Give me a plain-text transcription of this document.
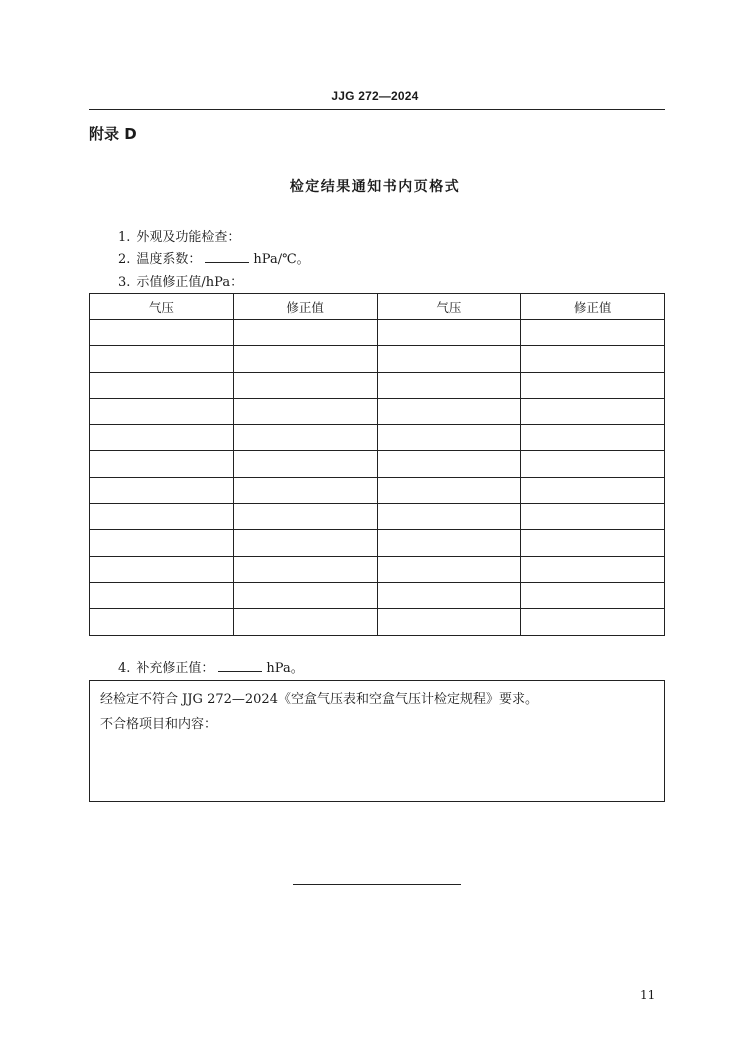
JJG 272—2024
附录 D
检定结果通知书内页格式
1. 外观及功能检查：
2. 温度系数：	hPa/℃。
3. 示值修正值/hPa：
气压	修正值	气压	修正值

4. 补充修正值：	hPa。
经检定不符合 JJG 272—2024《空盒气压表和空盒气压计检定规程》要求。
不合格项目和内容：
11
